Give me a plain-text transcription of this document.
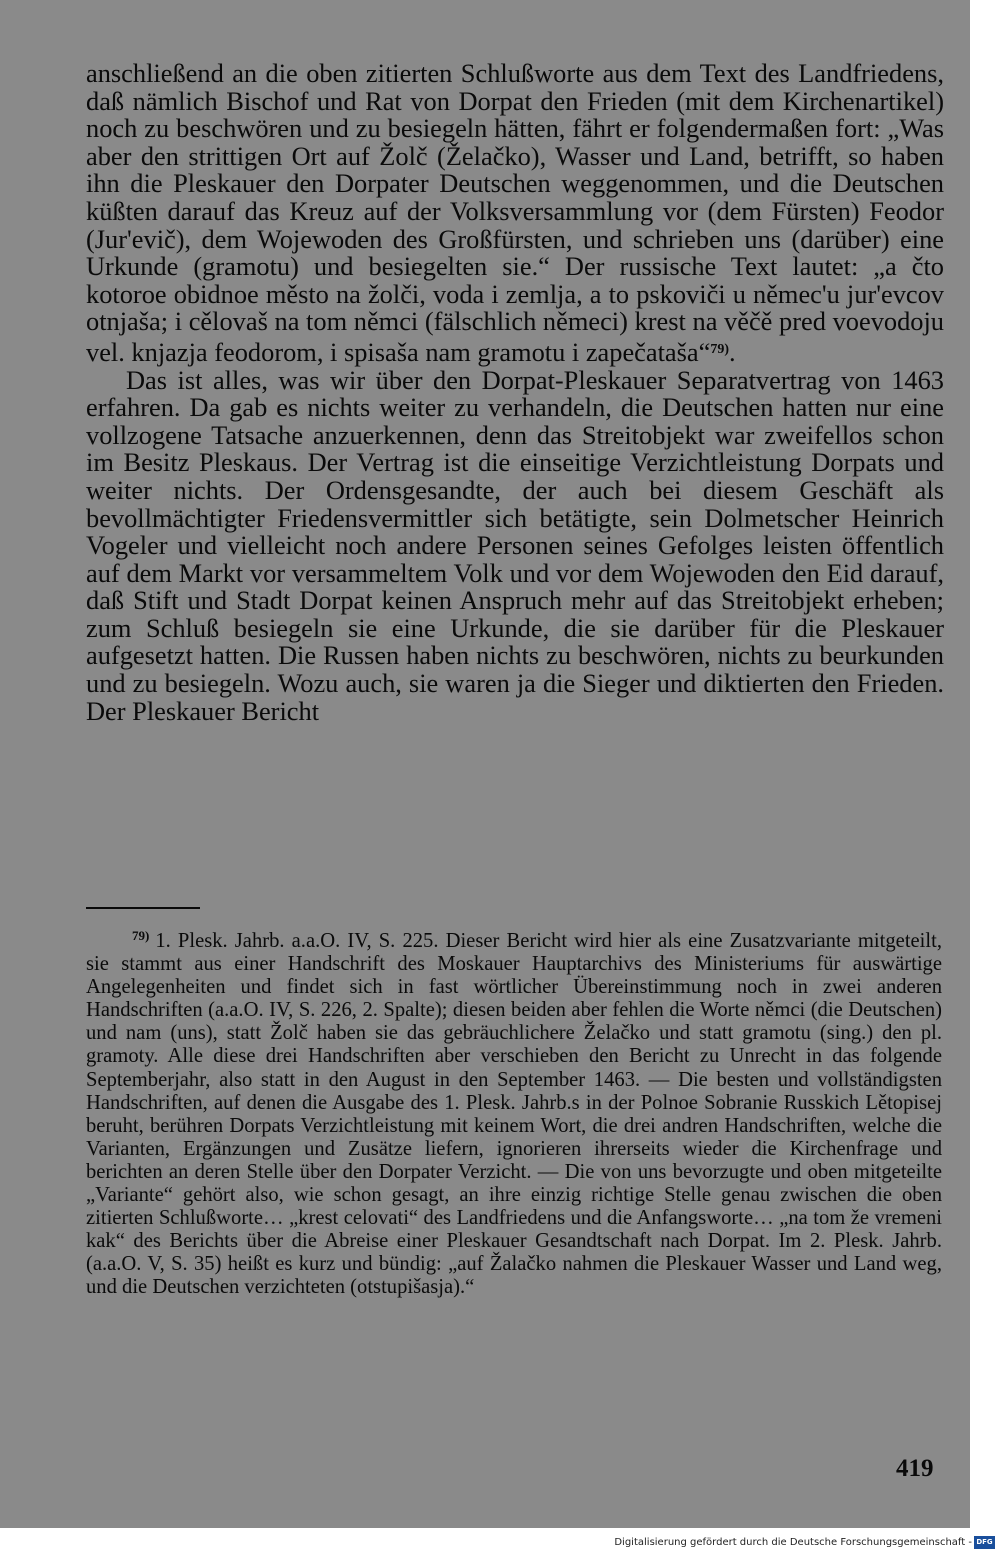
anschließend an die oben zitierten Schlußworte aus dem Text des Landfriedens, daß nämlich Bischof und Rat von Dorpat den Frieden (mit dem Kirchenartikel) noch zu beschwören und zu besiegeln hätten, fährt er folgendermaßen fort: „Was aber den strittigen Ort auf Žolč (Želačko), Wasser und Land, betrifft, so haben ihn die Pleskauer den Dorpater Deutschen weggenommen, und die Deutschen küßten darauf das Kreuz auf der Volksversammlung vor (dem Fürsten) Feodor (Jur'evič), dem Wojewoden des Großfürsten, und schrieben uns (darüber) eine Urkunde (gramotu) und besiegelten sie.“ Der russische Text lautet: „a čto kotoroe obidnoe město na žolči, voda i zemlja, a to pskoviči u němec'u jur'evcov otnjaša; i cělovaš na tom němci (fälschlich němeci) krest na věčě pred voevodoju vel. knjazja feodorom, i spisaša nam gramotu i zapečataša“$^{79)}$.

Das ist alles, was wir über den Dorpat-Pleskauer Separatvertrag von 1463 erfahren. Da gab es nichts weiter zu verhandeln, die Deutschen hatten nur eine vollzogene Tatsache anzuerkennen, denn das Streitobjekt war zweifellos schon im Besitz Pleskaus. Der Vertrag ist die einseitige Verzichtleistung Dorpats und weiter nichts. Der Ordensgesandte, der auch bei diesem Geschäft als bevollmächtigter Friedensvermittler sich betätigte, sein Dolmetscher Heinrich Vogeler und vielleicht noch andere Personen seines Gefolges leisten öffentlich auf dem Markt vor versammeltem Volk und vor dem Wojewoden den Eid darauf, daß Stift und Stadt Dorpat keinen Anspruch mehr auf das Streitobjekt erheben; zum Schluß besiegeln sie eine Urkunde, die sie darüber für die Pleskauer aufgesetzt hatten. Die Russen haben nichts zu beschwören, nichts zu beurkunden und zu besiegeln. Wozu auch, sie waren ja die Sieger und diktierten den Frieden. Der Pleskauer Bericht

$^{79)}$ 1. Plesk. Jahrb. a.a.O. IV, S. 225. Dieser Bericht wird hier als eine Zusatzvariante mitgeteilt, sie stammt aus einer Handschrift des Moskauer Hauptarchivs des Ministeriums für auswärtige Angelegenheiten und findet sich in fast wörtlicher Übereinstimmung noch in zwei anderen Handschriften (a.a.O. IV, S. 226, 2. Spalte); diesen beiden aber fehlen die Worte němci (die Deutschen) und nam (uns), statt Žolč haben sie das gebräuchlichere Želačko und statt gramotu (sing.) den pl. gramoty. Alle diese drei Handschriften aber verschieben den Bericht zu Unrecht in das folgende Septemberjahr, also statt in den August in den September 1463. — Die besten und vollständigsten Handschriften, auf denen die Ausgabe des 1. Plesk. Jahrb.s in der Polnoe Sobranie Russkich Lětopisej beruht, berühren Dorpats Verzichtleistung mit keinem Wort, die drei andren Handschriften, welche die Varianten, Ergänzungen und Zusätze liefern, ignorieren ihrerseits wieder die Kirchenfrage und berichten an deren Stelle über den Dorpater Verzicht. — Die von uns bevorzugte und oben mitgeteilte „Variante“ gehört also, wie schon gesagt, an ihre einzig richtige Stelle genau zwischen die oben zitierten Schlußworte… „krest celovati“ des Landfriedens und die Anfangsworte… „na tom že vremeni kak“ des Berichts über die Abreise einer Pleskauer Gesandtschaft nach Dorpat. Im 2. Plesk. Jahrb. (a.a.O. V, S. 35) heißt es kurz und bündig: „auf Žalačko nahmen die Pleskauer Wasser und Land weg, und die Deutschen verzichteten (otstupišasja).“
419
Digitalisierung gefördert durch die Deutsche Forschungsgemeinschaft - DFG
